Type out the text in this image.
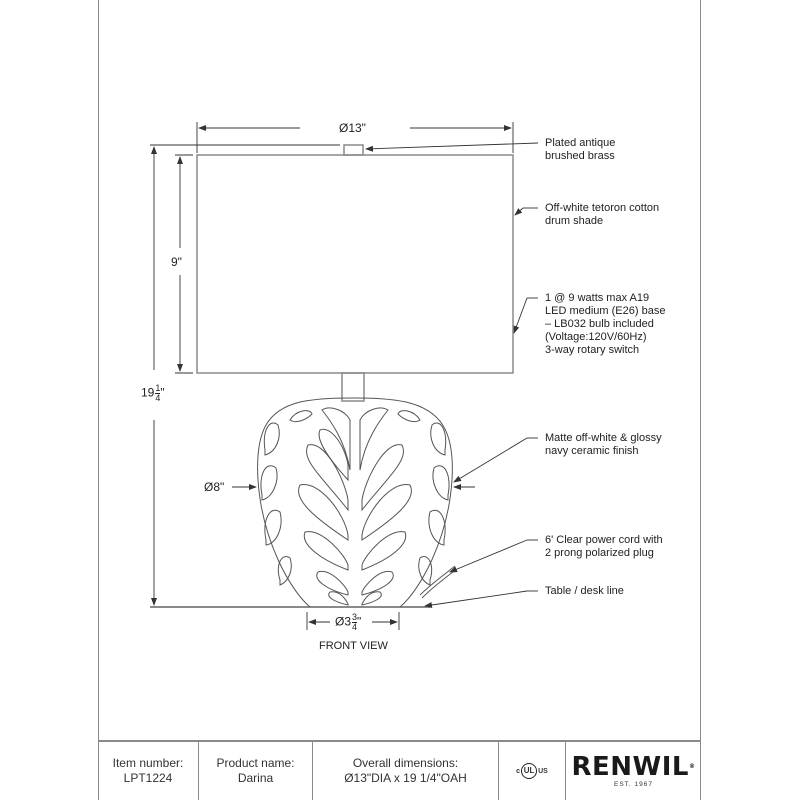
Ø13"
9"
$19 \frac{1}{4}$ "
Ø8"
Ø3 $\frac{3}{4}$ "
FRONT VIEW
Plated antique
brushed brass
Off-white tetoron cotton
drum shade
1 @ 9 watts max A19
LED medium (E26) base
– LB032 bulb included
(Voltage:120V/60Hz)
3-way rotary switch
Matte off-white & glossy
navy ceramic finish
6' Clear power cord with
2 prong polarized plug
Table / desk line
Item number:
LPT1224
Product name:
Darina
Overall dimensions:
Ø13"DIA x 19 1/4"OAH	c UL US RENWIL®
EST. 1967
